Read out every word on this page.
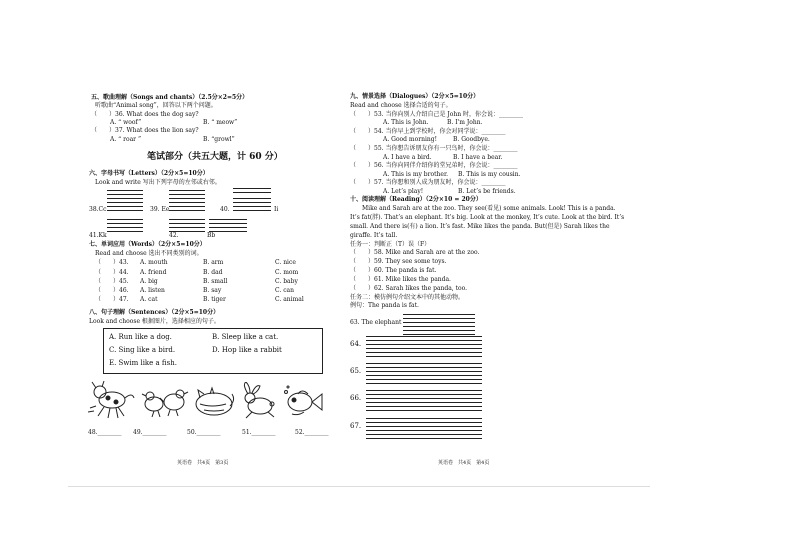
五、歌曲理解（Songs and chants）（2.5分×2=5分）
听歌曲“Animal song”，回答以下两个问题。
（　　）36. What does the dog say?
A. “ woof”	B. “ meow”
（　　）37. What does the lion say?
A. “ roar ”	B. “growl”
笔试部分（共五大题，计 60 分）
六、字母书写（Letters）（2分×5=10分）
Look and write 写出下列字母的左邻或右邻。
38.Cc	39. Ee	40.	Ii
41.Kk	42.	Bb
七、单词应用（Words）（2分×5=10分）
Read and choose 选出不同类别的词。
（　　）43. A. mouth	B. arm	C. nice
（　　）44. A. friend	B. dad	C. mom
（　　）45. A. big	B. small	C. baby
（　　）46. A. listen	B. say	C. can
（　　）47. A. cat	B. tiger	C. animal
八、句子理解（Sentences）（2分×5=10分）
Look and choose 根据图片，选择相应的句子。
A. Run like a dog.	B. Sleep like a cat.
C. Sing like a bird.	D. Hop like a rabbit
E. Swim like a fish.
48.________ 49.________	50.________	51.________	52.________
英语卷　共4页　第3页
九、情景选择（Dialogues）（2分×5=10分）
Read and choose 选择合适的句子。
（　　）53. 当你向别人介绍自己是 John 时，你会说：________
A. This is John.	B. I'm John.
（　　）54. 当你早上到学校时，你会对同学说：________
A. Good morning!	B. Goodbye.
（　　）55. 当你想告诉朋友你有一只鸟时，你会说：________
A. I have a bird.	B. I have a bear.
（　　）56. 当你向同伴介绍你的堂兄弟时，你会说：________
A. This is my brother. B. This is my cousin.
（　　）57. 当你想和别人成为朋友时，你会说：________
A. Let’s play!	B. Let’s be friends.
十、阅读理解（Reading）（2分×10 = 20分）
Mike and Sarah are at the zoo. They see(看见) some animals. Look! This is a panda.
It’s fat(胖). That’s an elephant. It’s big. Look at the monkey, It’s cute. Look at the bird. It’s
small. And there is(有) a lion. It’s fast. Mike likes the panda. But(但是) Sarah likes the
giraffe. It’s tall.
任务一：判断正（T）误（F）
（　　）58. Mike and Sarah are at the zoo.
（　　）59. They see some toys.
（　　）60. The panda is fat.
（　　）61. Mike likes the panda.
（　　）62. Sarah likes the panda, too.
任务二：模仿例句介绍文本中的其他动物。
例句：The panda is fat.
63. The elephant
64.
65.
66.
67.
英语卷　共4页　第4页
